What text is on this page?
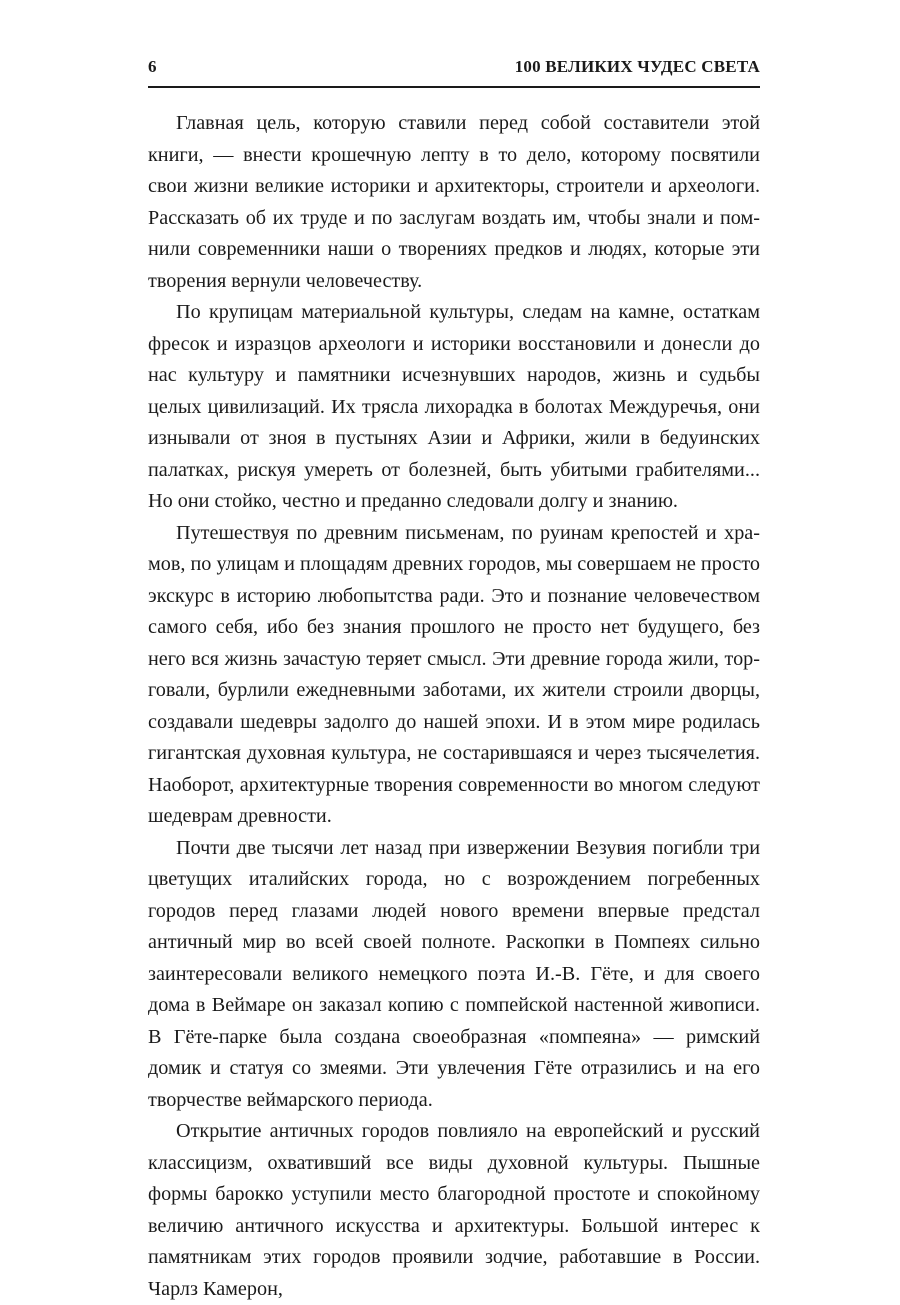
6	100 ВЕЛИКИХ ЧУДЕС СВЕТА

Главная цель, которую ставили перед собой составители этой книги, — внести крошечную лепту в то дело, которому посвятили свои жизни великие историки и архитекторы, строители и археологи. Рассказать об их труде и по заслугам воздать им, чтобы знали и помнили современники наши о творениях предков и людях, которые эти творения вернули человечеству.

По крупицам материальной культуры, следам на камне, остаткам фресок и изразцов археологи и историки восстановили и донесли до нас культуру и памятники исчезнувших народов, жизнь и судьбы целых цивилизаций. Их трясла лихорадка в болотах Междуречья, они изнывали от зноя в пустынях Азии и Африки, жили в бедуинских палатках, рискуя умереть от болезней, быть убитыми грабителями... Но они стойко, честно и преданно следовали долгу и знанию.

Путешествуя по древним письменам, по руинам крепостей и храмов, по улицам и площадям древних городов, мы совершаем не просто экскурс в историю любопытства ради. Это и познание человечеством самого себя, ибо без знания прошлого не просто нет будущего, без него вся жизнь зачастую теряет смысл. Эти древние города жили, торговали, бурлили ежедневными заботами, их жители строили дворцы, создавали шедевры задолго до нашей эпохи. И в этом мире родилась гигантская духовная культура, не состарившаяся и через тысячелетия. Наоборот, архитектурные творения современности во многом следуют шедеврам древности.

Почти две тысячи лет назад при извержении Везувия погибли три цветущих италийских города, но с возрождением погребенных городов перед глазами людей нового времени впервые предстал античный мир во всей своей полноте. Раскопки в Помпеях сильно заинтересовали великого немецкого поэта И.-В. Гёте, и для своего дома в Веймаре он заказал копию с помпейской настенной живописи. В Гёте-парке была создана своеобразная «помпеяна» — римский домик и статуя со змеями. Эти увлечения Гёте отразились и на его творчестве веймарского периода.

Открытие античных городов повлияло на европейский и русский классицизм, охвативший все виды духовной культуры. Пышные формы барокко уступили место благородной простоте и спокойному величию античного искусства и архитектуры. Большой интерес к памятникам этих городов проявили зодчие, работавшие в России. Чарлз Камерон,
